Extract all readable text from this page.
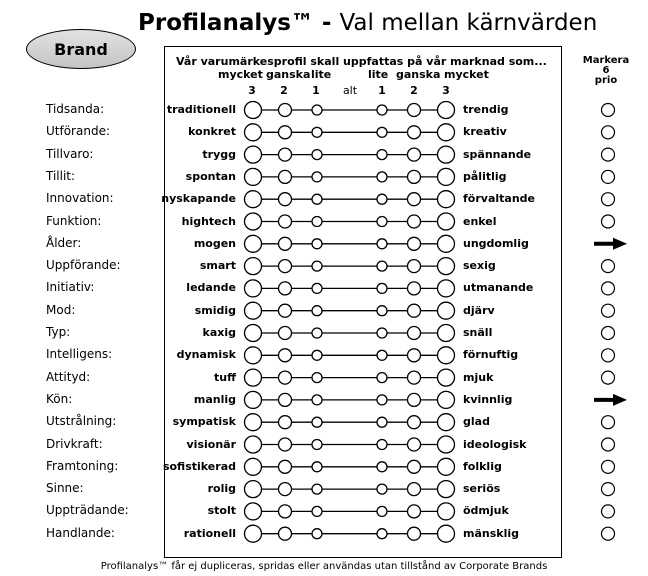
Profilanalys™ - Val mellan kärnvärden
Brand
Vår varumärkesprofil skall uppfattas på vår marknad som...
mycket ganska lite	lite ganska mycket
3	2	1	alt	1	2	3
Markera
6
prio
Tidsanda:	traditionell	trendig
Utförande:	konkret	kreativ
Tillvaro:	trygg	spännande
Tillit:	spontan	pålitlig
Innovation:	nyskapande	förvaltande
Funktion:	hightech	enkel
Ålder:	mogen	ungdomlig
Uppförande:	smart	sexig
Initiativ:	ledande	utmanande
Mod:	smidig	djärv
Typ:	kaxig	snäll
Intelligens:	dynamisk	förnuftig
Attityd:	tuff	mjuk
Kön:	manlig	kvinnlig
Utstrålning:	sympatisk	glad
Drivkraft:	visionär	ideologisk
Framtoning:	sofistikerad	folklig
Sinne:	rolig	seriös
Uppträdande:	stolt	ödmjuk
Handlande:	rationell	mänsklig
Profilanalys™ får ej dupliceras, spridas eller användas utan tillstånd av Corporate Brands
